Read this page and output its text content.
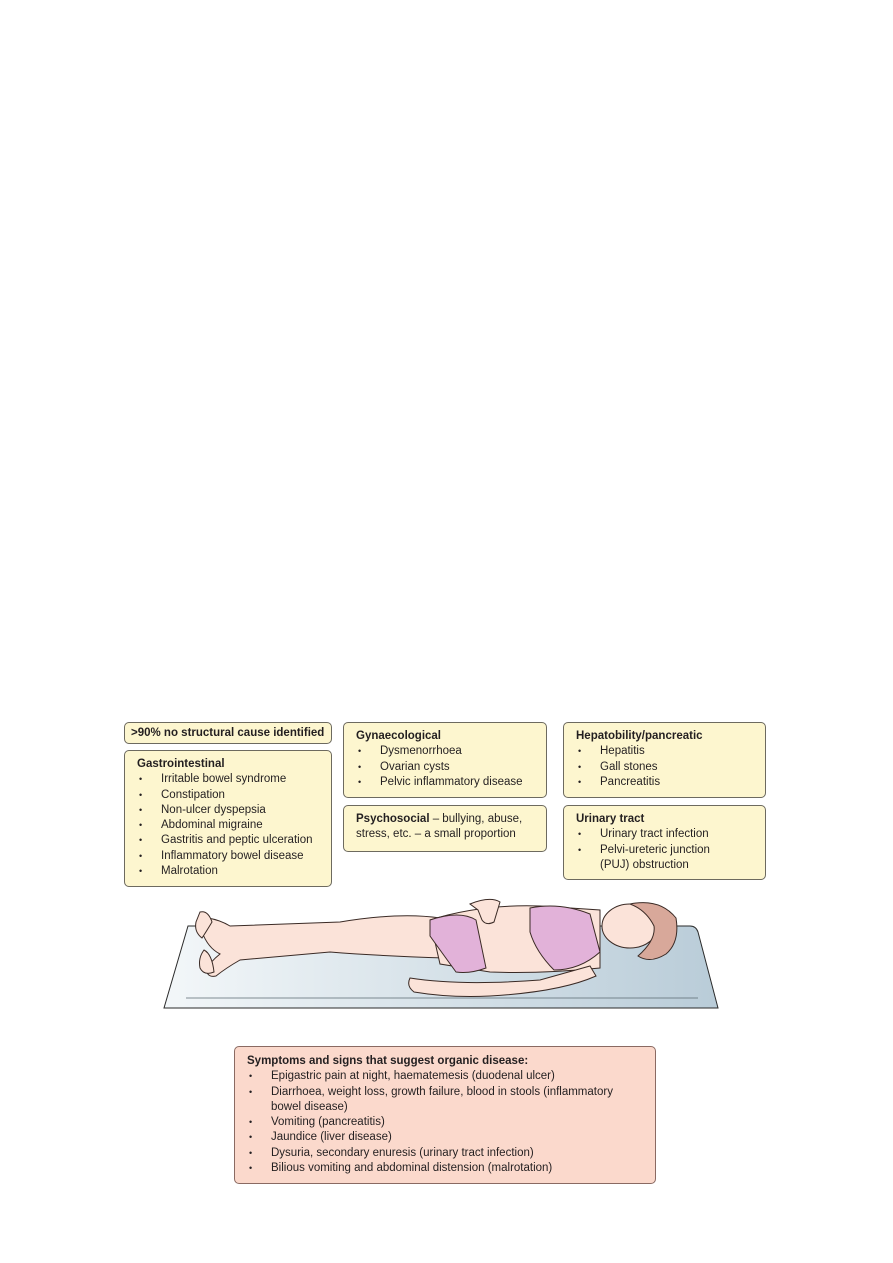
>90% no structural cause identified
Gastrointestinal
• Irritable bowel syndrome
• Constipation
• Non-ulcer dyspepsia
• Abdominal migraine
• Gastritis and peptic ulceration
• Inflammatory bowel disease
• Malrotation
Gynaecological
• Dysmenorrhoea
• Ovarian cysts
• Pelvic inflammatory disease
Psychosocial – bullying, abuse,
stress, etc. – a small proportion
Hepatobility/pancreatic
• Hepatitis
• Gall stones
• Pancreatitis
Urinary tract
• Urinary tract infection
• Pelvi-ureteric junction
(PUJ) obstruction
Symptoms and signs that suggest organic disease:
• Epigastric pain at night, haematemesis (duodenal ulcer)
• Diarrhoea, weight loss, growth failure, blood in stools (inflammatory
bowel disease)
• Vomiting (pancreatitis)
• Jaundice (liver disease)
• Dysuria, secondary enuresis (urinary tract infection)
• Bilious vomiting and abdominal distension (malrotation)
